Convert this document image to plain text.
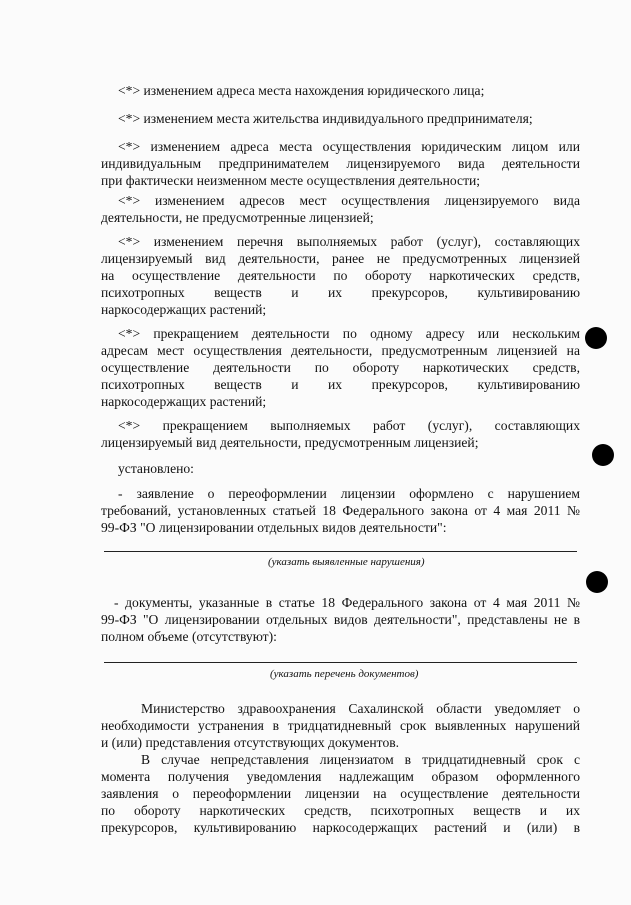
<*> изменением адреса места нахождения юридического лица;
<*> изменением места жительства индивидуального предпринимателя;
<*> изменением адреса места осуществления юридическим лицом или
индивидуальным предпринимателем лицензируемого вида деятельности
при фактически неизменном месте осуществления деятельности;
<*> изменением адресов мест осуществления лицензируемого вида
деятельности, не предусмотренные лицензией;
<*> изменением перечня выполняемых работ (услуг), составляющих
лицензируемый вид деятельности, ранее не предусмотренных лицензией
на осуществление деятельности по обороту наркотических средств,
психотропных веществ и их прекурсоров, культивированию
наркосодержащих растений;
<*> прекращением деятельности по одному адресу или нескольким
адресам мест осуществления деятельности, предусмотренным лицензией на
осуществление деятельности по обороту наркотических средств,
психотропных веществ и их прекурсоров, культивированию
наркосодержащих растений;
<*> прекращением выполняемых работ (услуг), составляющих
лицензируемый вид деятельности, предусмотренным лицензией;
установлено:
- заявление о переоформлении лицензии оформлено с нарушением
требований, установленных статьей 18 Федерального закона от 4 мая 2011 №
99-ФЗ "О лицензировании отдельных видов деятельности":
(указать выявленные нарушения)
- документы, указанные в статье 18 Федерального закона от 4 мая 2011 №
99-ФЗ "О лицензировании отдельных видов деятельности", представлены не в
полном объеме (отсутствуют):
(указать перечень документов)
Министерство здравоохранения Сахалинской области уведомляет о
необходимости устранения в тридцатидневный срок выявленных нарушений
и (или) представления отсутствующих документов.
В случае непредставления лицензиатом в тридцатидневный срок с
момента получения уведомления надлежащим образом оформленного
заявления о переоформлении лицензии на осуществление деятельности
по обороту наркотических средств, психотропных веществ и их
прекурсоров, культивированию наркосодержащих растений и (или) в
